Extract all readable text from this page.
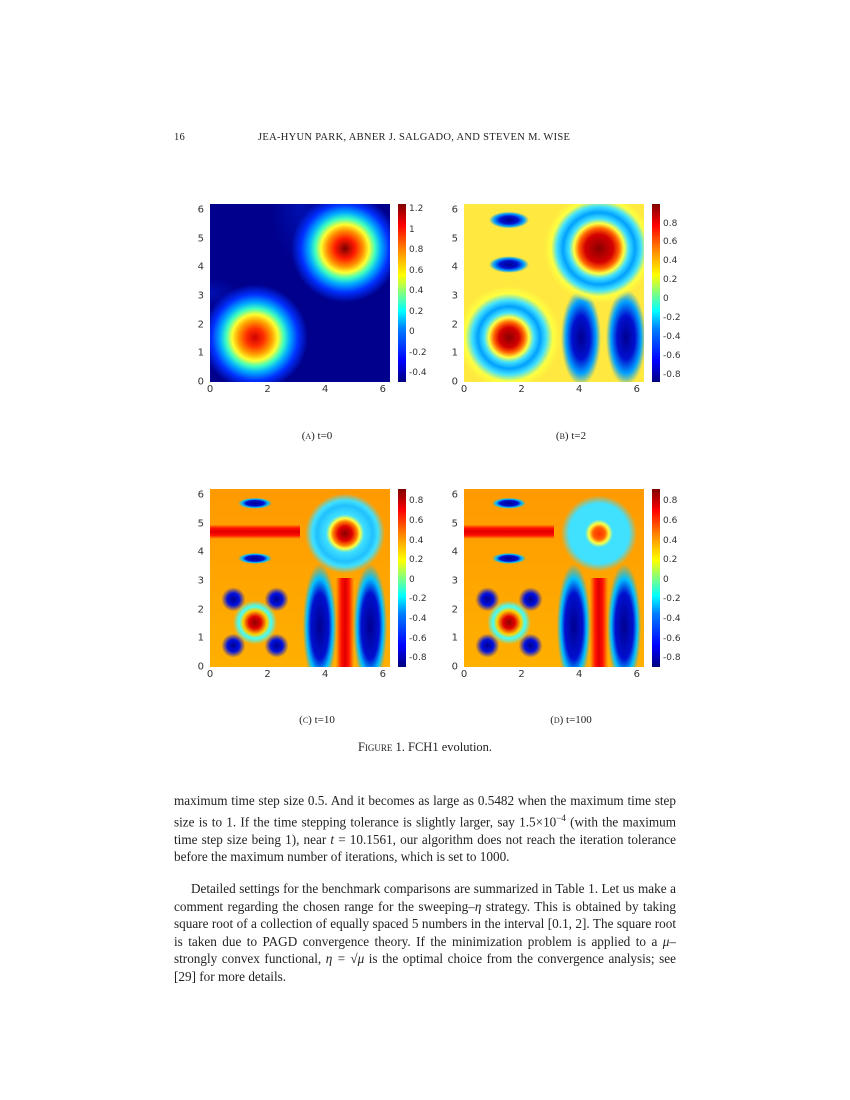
16	JEA-HYUN PARK, ABNER J. SALGADO, AND STEVEN M. WISE
0
1
2
3
4
5
6	1.2
1
0.8
0.6
0.4
0.2
0
-0.2
-0.4
0	2	4	6
0
1
2
3
4
5
6
0.8
0.6
0.4
0.2
0
-0.2
-0.4
-0.6
-0.8
0	2	4	6
(a) t=0	(b) t=2
0
1
2
3
4
5
6
0.8
0.6
0.4
0.2
0
-0.2
-0.4
-0.6
-0.8
0	2	4	6
0
1
2
3
4
5
6
0.8
0.6
0.4
0.2
0
-0.2
-0.4
-0.6
-0.8
0	2	4	6
(c) t=10	(d) t=100
Figure 1. FCH1 evolution.

maximum time step size 0.5. And it becomes as large as 0.5482 when the maximum time step size is to 1. If the time stepping tolerance is slightly larger, say $1.5\times 10^{-4}$ (with the maximum time step size being 1), near t = 10.1561, our algorithm does not reach the iteration tolerance before the maximum number of iterations, which is set to 1000.

Detailed settings for the benchmark comparisons are summarized in Table 1. Let us make a comment regarding the chosen range for the sweeping–η strategy. This is obtained by taking square root of a collection of equally spaced 5 numbers in the interval [0.1, 2]. The square root is taken due to PAGD convergence theory. If the minimization problem is applied to a μ–strongly convex functional, η = √μ is the optimal choice from the convergence analysis; see [29] for more details.
